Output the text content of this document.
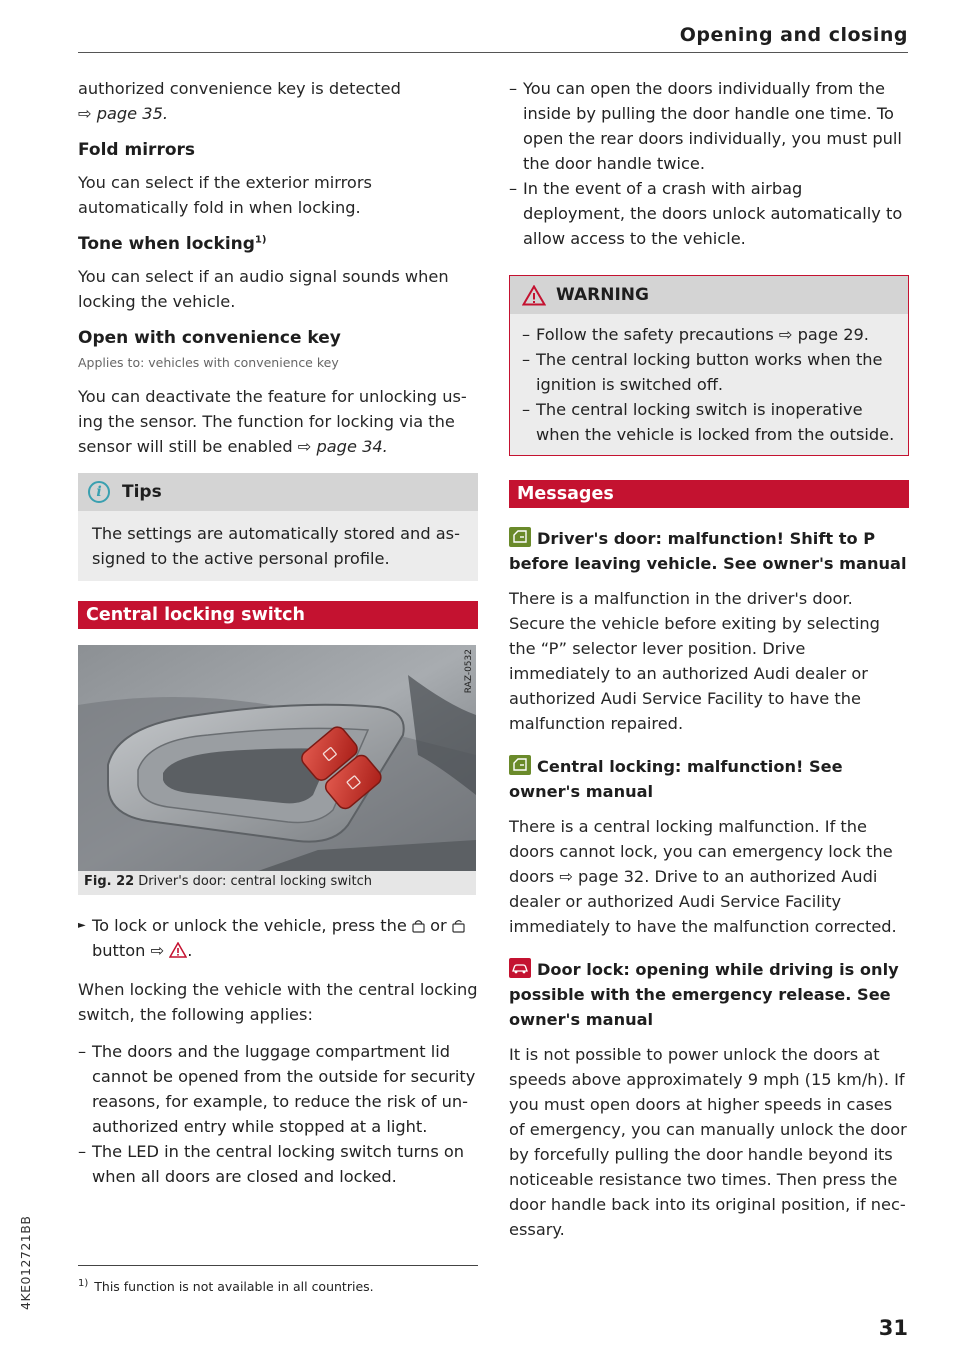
Opening and closing

authorized convenience key is detected
⇨ page 35.

Fold mirrors

You can select if the exterior mirrors automatically fold in when locking.

Tone when locking$^{1)}$

You can select if an audio signal sounds when locking the vehicle.

Open with convenience key
Applies to: vehicles with convenience key

You can deactivate the feature for unlocking using the sensor. The function for locking via the sensor will still be enabled ⇨ page 34.

i	Tips
The settings are automatically stored and assigned to the active personal profile.
Central locking switch
RAZ-0532
Fig. 22 Driver's door: central locking switch
► To lock or unlock the vehicle, press the or
button ⇨ .

When locking the vehicle with the central locking switch, the following applies:

– The doors and the luggage compartment lid cannot be opened from the outside for security reasons, for example, to reduce the risk of unauthorized entry while stopped at a light.
– The LED in the central locking switch turns on when all doors are closed and locked.
– You can open the doors individually from the inside by pulling the door handle one time. To open the rear doors individually, you must pull the door handle twice.
– In the event of a crash with airbag deployment, the doors unlock automatically to allow access to the vehicle.
WARNING
– Follow the safety precautions ⇨ page 29.
– The central locking button works when the ignition is switched off.
– The central locking switch is inoperative when the vehicle is locked from the outside.
Messages
Driver's door: malfunction! Shift to P before leaving vehicle. See owner's manual

There is a malfunction in the driver's door. Secure the vehicle before exiting by selecting the “P” selector lever position. Drive immediately to an authorized Audi dealer or authorized Audi Service Facility to have the malfunction repaired.

Central locking: malfunction! See owner's manual

There is a central locking malfunction. If the doors cannot lock, you can emergency lock the doors ⇨ page 32. Drive to an authorized Audi dealer or authorized Audi Service Facility immediately to have the malfunction corrected.

Door lock: opening while driving is only possible with the emergency release. See owner's manual

It is not possible to power unlock the doors at speeds above approximately 9 mph (15 km/h). If you must open doors at higher speeds in cases of emergency, you can manually unlock the door by forcefully pulling the door handle beyond its noticeable resistance two times. Then press the door handle back into its original position, if necessary.

$^{1)}$ This function is not available in all countries.
31
4KE012721BB
